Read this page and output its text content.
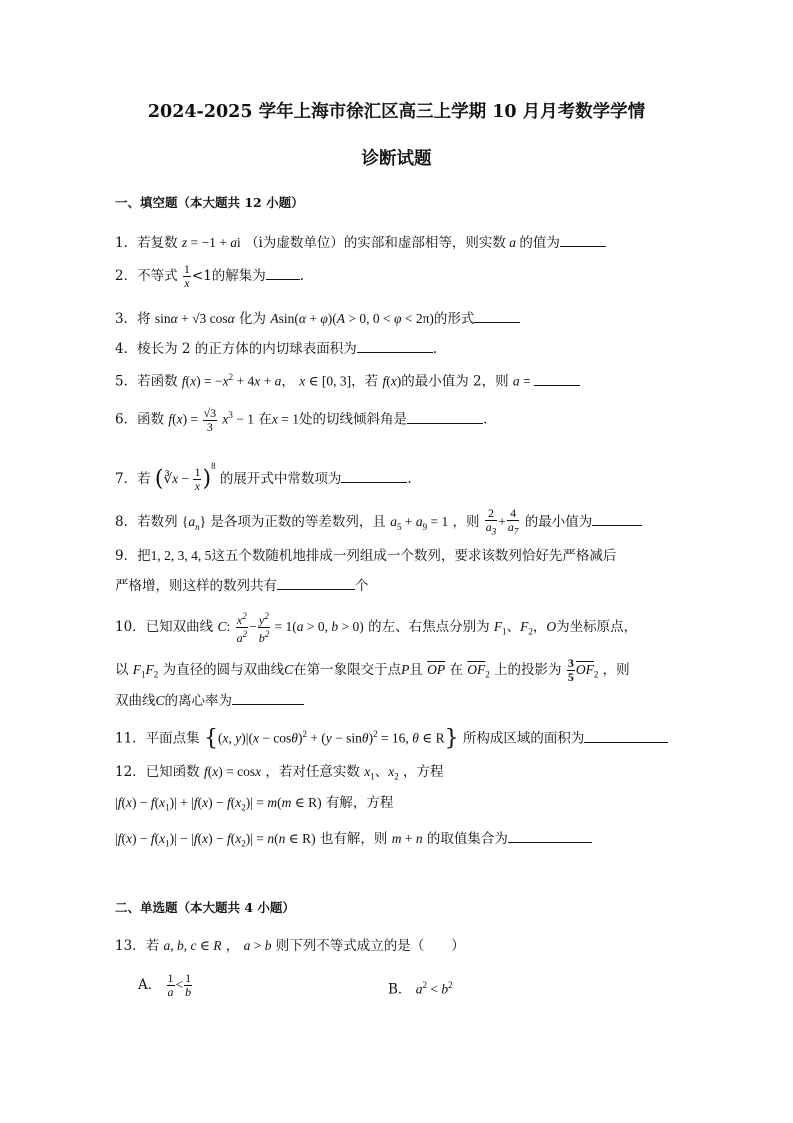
2024-2025 学年上海市徐汇区高三上学期 10 月月考数学学情
诊断试题
一、填空题（本大题共 12 小题）
1．若复数 z = −1 + ai （i为虚数单位）的实部和虚部相等，则实数 a 的值为
2．不等式 $\frac{1}{x} <1$的解集为	.
3．将 sinα + √3 cosα 化为 Asin(α + φ)(A > 0, 0 < φ < 2π)的形式
4．棱长为 2 的正方体的内切球表面积为	.
5．若函数 $f(x) = -x^2 + 4x + a$， x ∈ [0, 3]，若 f(x)的最小值为 2，则 a =
6．函数 $f(x) = \frac{√3}{3} x^3 - 1$ 在x = 1处的切线倾斜角是	.
7．若 (∛x − $\frac{1}{x} )^8$ 的展开式中常数项为	.
8．若数列 $\{a_n\}$ 是各项为正数的等差数列，且 $a_5 + a_9 = 1$ ，则 $\frac{2}{a_3} + \frac{4}{a_7}$ 的最小值为
9．把1, 2, 3, 4, 5这五个数随机地排成一列组成一个数列，要求该数列恰好先严格减后
严格增，则这样的数列共有	个
10．已知双曲线 C: $\frac{x^2}{a^2} - \frac{y^2}{b^2} = 1(a > 0$, b > 0) 的左、右焦点分别为 $F_1$、$F_2$，O为坐标原点，
以 $F_1F_2$ 为直径的圆与双曲线C在第一象限交于点P且 $\overline{OP}$ 在 $\overline{OF}_2$ 上的投影为 $\frac{3}{5} \overline{OF}_2$ ，则
双曲线C的离心率为
11．平面点集 {(x, $y)|(x - \cos\theta)^2 + (y - \sin\theta)^2 = 16$, θ ∈ R} 所构成区域的面积为
12．已知函数 f(x) = cosx ，若对任意实数 $x_1$、$x_2$ ，方程
$|f(x) - f(x_1)| + |f(x) - f(x_2)| = m(m$ ∈ R) 有解，方程
$|f(x) - f(x_1)| - |f(x) - f(x_2)| = n(n$ ∈ R) 也有解，则 m + n 的取值集合为
二、单选题（本大题共 4 小题）
13．若 a, b, c ∈ R ， a > b 则下列不等式成立的是（　　）
A． $\frac{1}{a} < \frac{1}{b}$	B． $a^2 < b^2$
